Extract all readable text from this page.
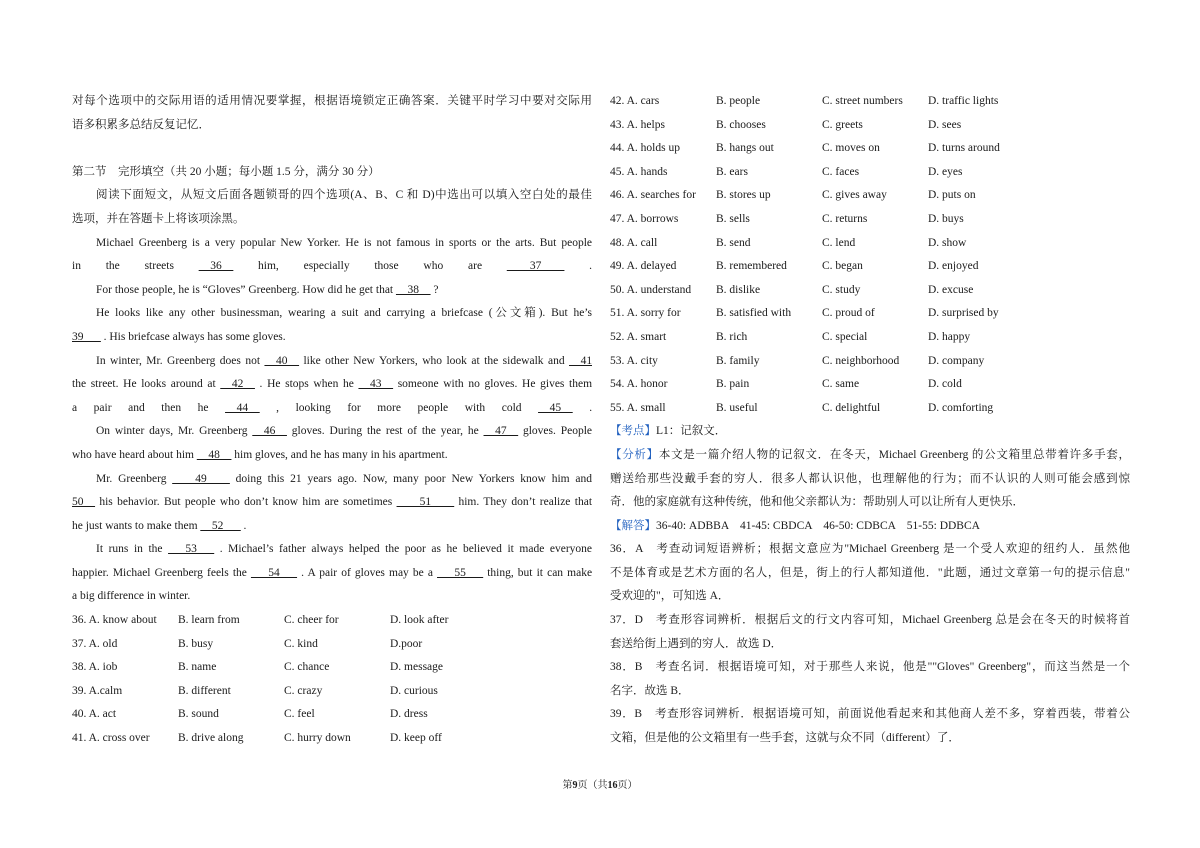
对每个选项中的交际用语的适用情况要掌握，根据语境锁定正确答案．关键平时学习中要对交际用
语多积累多总结反复记忆．
第二节　完形填空（共 20 小题；每小题 1.5 分，满分 30 分）
阅读下面短文，从短文后面各题锁哥的四个选项(A、B、C 和 D)中选出可以填入空白处的最佳
选项，并在答题卡上将该项涂黑。
Michael Greenberg is a very popular New Yorker. He is not famous in sports or the arts. But people
in the streets __36__ him, especially those who are ____37____ .
For those people, he is “Gloves” Greenberg. How did he get that __38__ ?
He looks like any other businessman, wearing a suit and carrying a briefcase (公文箱). But he’s
39___ . His briefcase always has some gloves.
In winter, Mr. Greenberg does not __40__ like other New Yorkers, who look at the sidewalk and __41
the street. He looks around at __42__ . He stops when he __43__ someone with no gloves. He gives them
a pair and then he __44__ , looking for more people with cold __45__ .
On winter days, Mr. Greenberg __46__ gloves. During the rest of the year, he __47__ gloves. People
who have heard about him __48__ him gloves, and he has many in his apartment.
Mr. Greenberg ____49____ doing this 21 years ago. Now, many poor New Yorkers know him and
50__ his behavior. But people who don’t know him are sometimes ____51____ him. They don’t realize that
he just wants to make them __52___ .
It runs in the ___53___ . Michael’s father always helped the poor as he believed it made everyone
happier. Michael Greenberg feels the ___54___ . A pair of gloves may be a ___55___ thing, but it can make
a big difference in winter.
36. A. know about	B. learn from	C. cheer for	D. look after
37. A. old	B. busy	C. kind	D.poor
38. A. iob	B. name	C. chance	D. message
39. A.calm	B. different	C. crazy	D. curious
40. A. act	B. sound	C. feel	D. dress
41. A. cross over	B. drive along	C. hurry down	D. keep off
42. A. cars	B. people	C. street numbers	D. traffic lights
43. A. helps	B. chooses	C. greets	D. sees
44. A. holds up	B. hangs out	C. moves on	D. turns around
45. A. hands	B. ears	C. faces	D. eyes
46. A. searches for	B. stores up	C. gives away	D. puts on
47. A. borrows	B. sells	C. returns	D. buys
48. A. call	B. send	C. lend	D. show
49. A. delayed	B. remembered	C. began	D. enjoyed
50. A. understand	B. dislike	C. study	D. excuse
51. A. sorry for	B. satisfied with	C. proud of	D. surprised by
52. A. smart	B. rich	C. special	D. happy
53. A. city	B. family	C. neighborhood	D. company
54. A. honor	B. pain	C. same	D. cold
55. A. small	B. useful	C. delightful	D. comforting
【考点】L1：记叙文．
【分析】本文是一篇介绍人物的记叙文．在冬天，Michael Greenberg 的公文箱里总带着许多手套，
赠送给那些没戴手套的穷人．很多人都认识他，也理解他的行为；而不认识的人则可能会感到惊
奇．他的家庭就有这种传统，他和他父亲都认为：帮助别人可以让所有人更快乐．
【解答】36-40: ADBBA　41-45: CBDCA　46-50: CDBCA　51-55: DDBCA
36．A　考查动词短语辨析；根据文意应为"Michael Greenberg 是一个受人欢迎的纽约人．虽然他
不是体育或是艺术方面的名人，但是，街上的行人都知道他．"此题，通过文章第一句的提示信息"
受欢迎的"，可知选 A．
37．D　考查形容词辨析．根据后文的行文内容可知，Michael Greenberg 总是会在冬天的时候将首
套送给街上遇到的穷人．故选 D．
38．B　考查名词．根据语境可知，对于那些人来说，他是""Gloves" Greenberg"，而这当然是一个
名字．故选 B．
39．B　考查形容词辨析．根据语境可知，前面说他看起来和其他商人差不多，穿着西装，带着公
文箱，但是他的公文箱里有一些手套，这就与众不同（different）了．
第9页（共16页）
